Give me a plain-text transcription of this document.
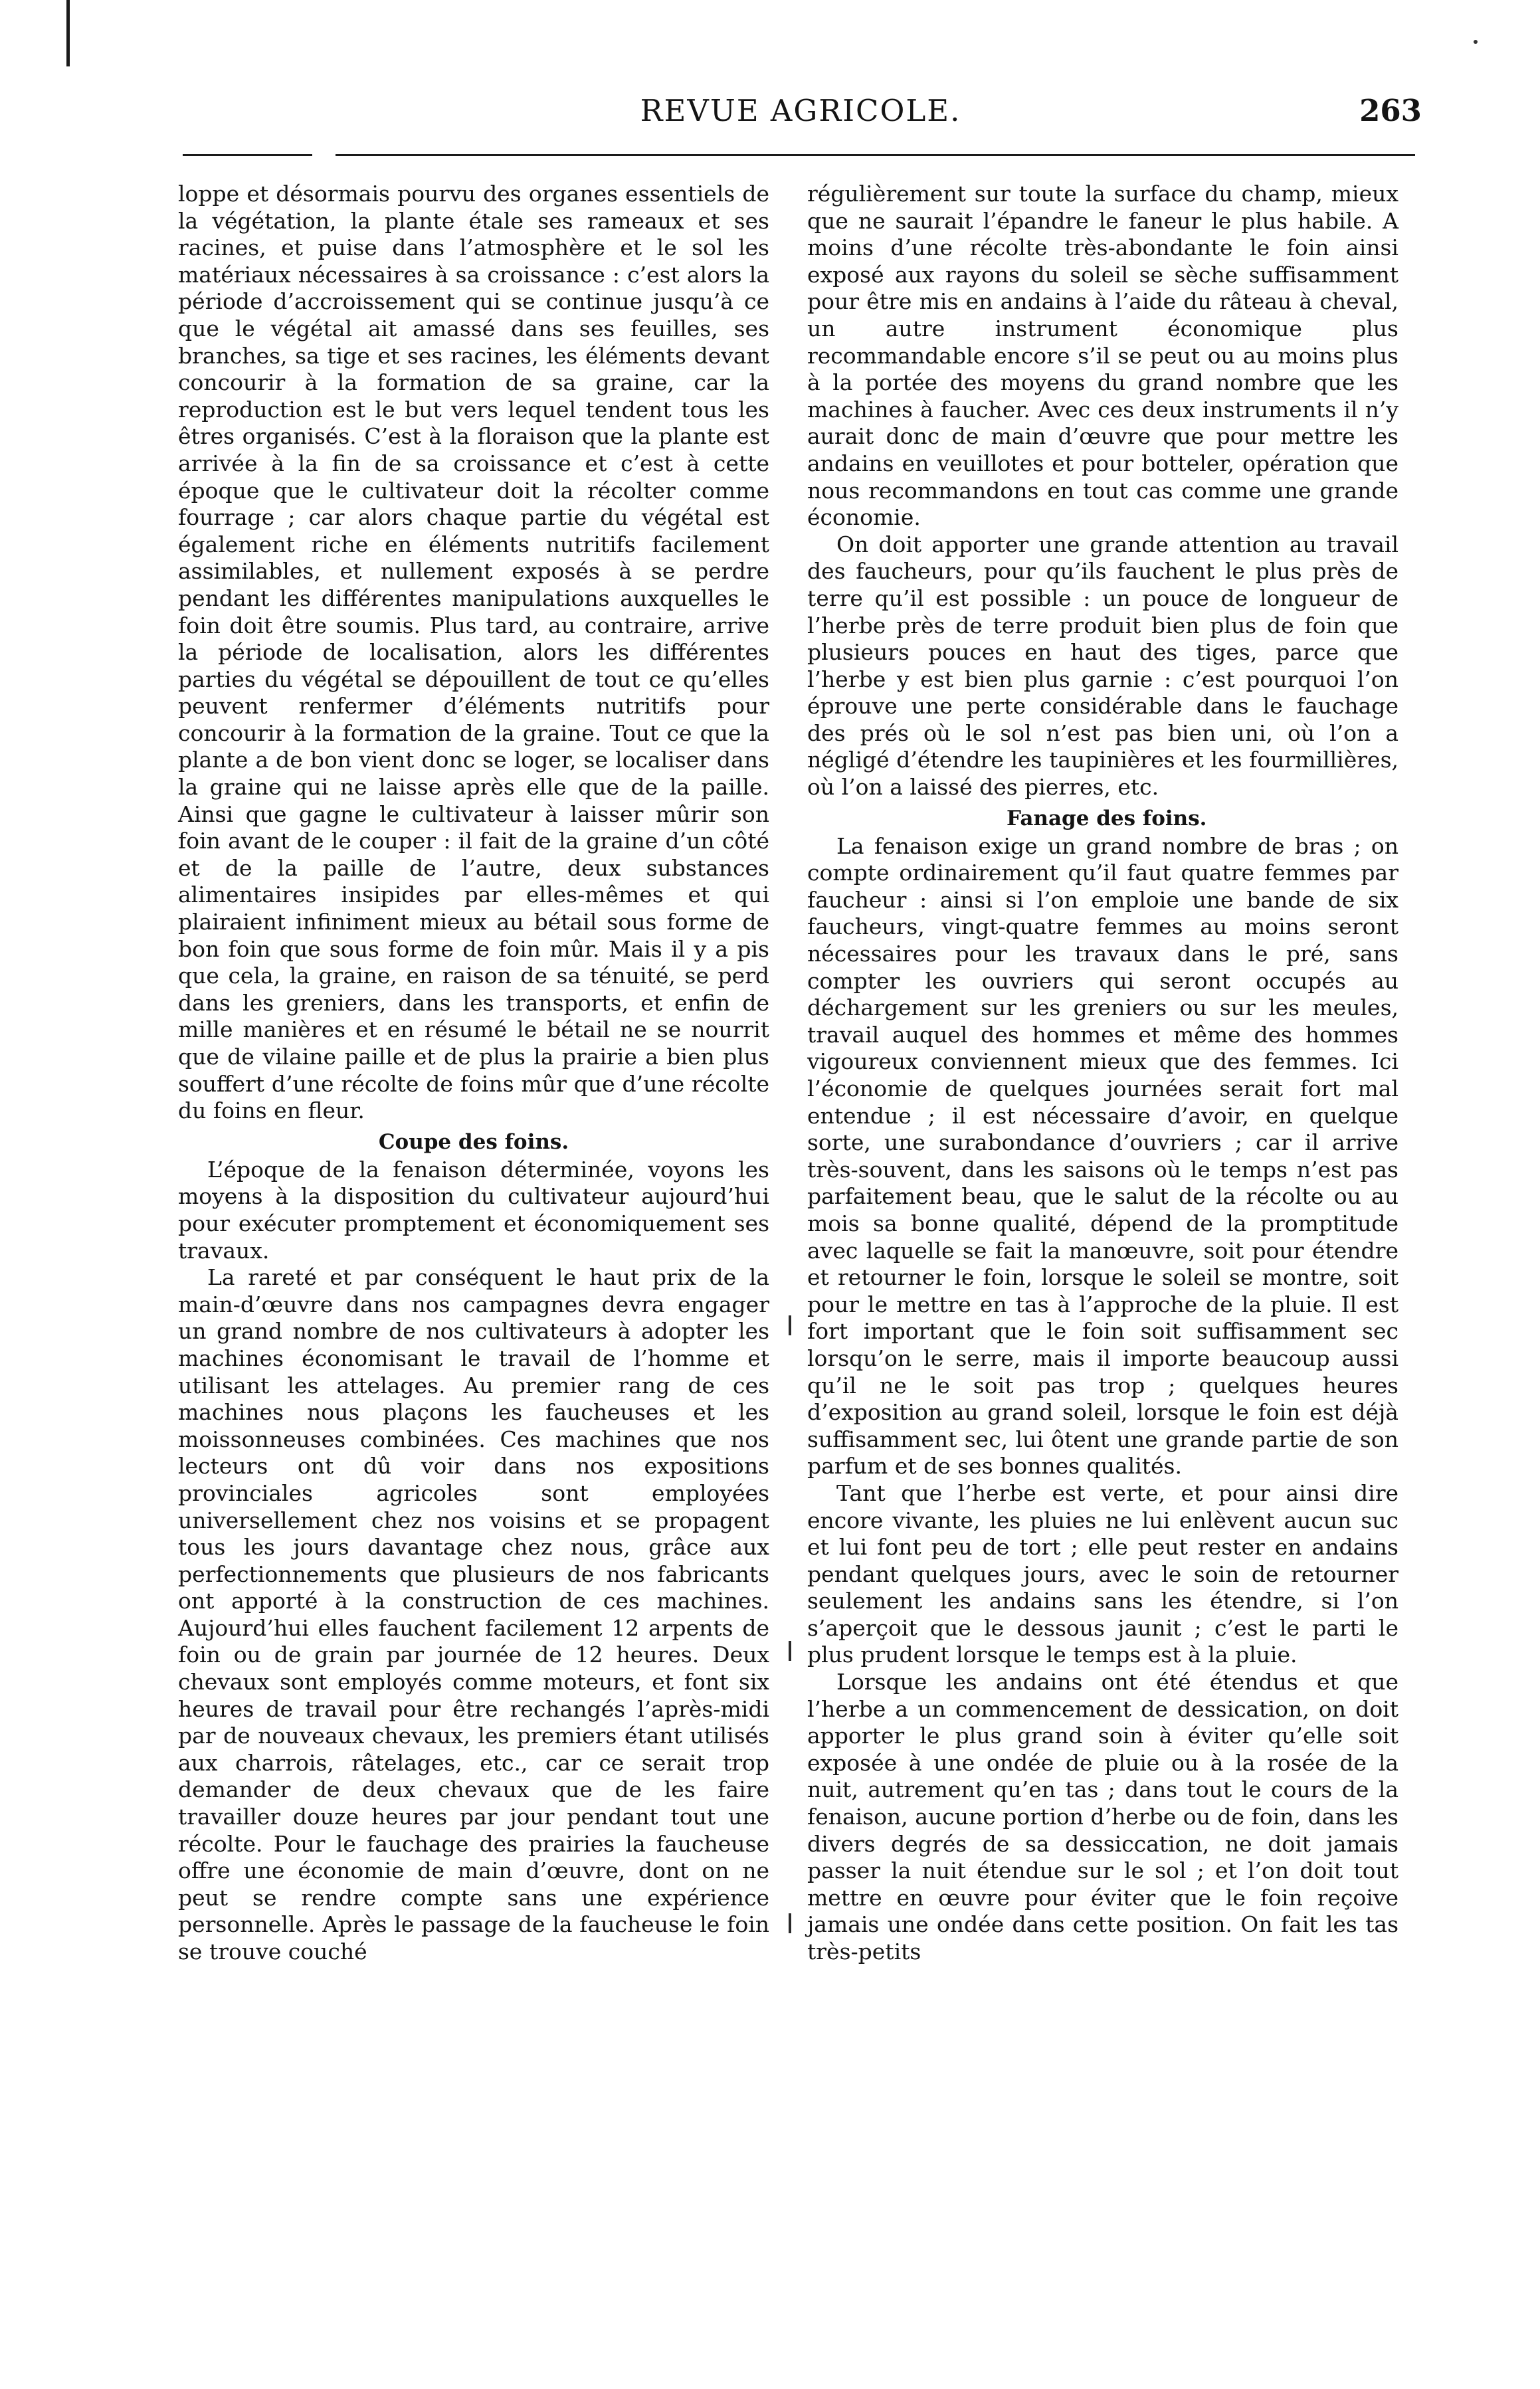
REVUE AGRICOLE.	263

loppe et désormais pourvu des organes essentiels de la végétation, la plante étale ses rameaux et ses racines, et puise dans l’atmosphère et le sol les matériaux nécessaires à sa croissance : c’est alors la période d’accroissement qui se continue jusqu’à ce que le végétal ait amassé dans ses feuilles, ses branches, sa tige et ses racines, les éléments devant concourir à la formation de sa graine, car la reproduction est le but vers lequel tendent tous les êtres organisés. C’est à la floraison que la plante est arrivée à la fin de sa croissance et c’est à cette époque que le cultivateur doit la récolter comme fourrage ; car alors chaque partie du végétal est également riche en éléments nutritifs facilement assimilables, et nullement exposés à se perdre pendant les différentes manipulations auxquelles le foin doit être soumis. Plus tard, au contraire, arrive la période de localisation, alors les différentes parties du végétal se dépouillent de tout ce qu’elles peuvent renfermer d’éléments nutritifs pour concourir à la formation de la graine. Tout ce que la plante a de bon vient donc se loger, se localiser dans la graine qui ne laisse après elle que de la paille. Ainsi que gagne le cultivateur à laisser mûrir son foin avant de le couper : il fait de la graine d’un côté et de la paille de l’autre, deux substances alimentaires insipides par elles-mêmes et qui plairaient infiniment mieux au bétail sous forme de bon foin que sous forme de foin mûr. Mais il y a pis que cela, la graine, en raison de sa ténuité, se perd dans les greniers, dans les transports, et enfin de mille manières et en résumé le bétail ne se nourrit que de vilaine paille et de plus la prairie a bien plus souffert d’une récolte de foins mûr que d’une récolte du foins en fleur.

Coupe des foins.

L’époque de la fenaison déterminée, voyons les moyens à la disposition du cultivateur aujourd’hui pour exécuter promptement et économiquement ses travaux.

La rareté et par conséquent le haut prix de la main-d’œuvre dans nos campagnes devra engager un grand nombre de nos cultivateurs à adopter les machines économisant le travail de l’homme et utilisant les attelages. Au premier rang de ces machines nous plaçons les faucheuses et les moissonneuses combinées. Ces machines que nos lecteurs ont dû voir dans nos expositions provinciales agricoles sont employées universellement chez nos voisins et se propagent tous les jours davantage chez nous, grâce aux perfectionnements que plusieurs de nos fabricants ont apporté à la construction de ces machines. Aujourd’hui elles fauchent facilement 12 arpents de foin ou de grain par journée de 12 heures. Deux chevaux sont employés comme moteurs, et font six heures de travail pour être rechangés l’après-midi par de nouveaux chevaux, les premiers étant utilisés aux charrois, râtelages, etc., car ce serait trop demander de deux chevaux que de les faire travailler douze heures par jour pendant tout une récolte. Pour le fauchage des prairies la faucheuse offre une économie de main d’œuvre, dont on ne peut se rendre compte sans une expérience personnelle. Après le passage de la faucheuse le foin se trouve couché

régulièrement sur toute la surface du champ, mieux que ne saurait l’épandre le faneur le plus habile. A moins d’une récolte très-abondante le foin ainsi exposé aux rayons du soleil se sèche suffisamment pour être mis en andains à l’aide du râteau à cheval, un autre instrument économique plus recommandable encore s’il se peut ou au moins plus à la portée des moyens du grand nombre que les machines à faucher. Avec ces deux instruments il n’y aurait donc de main d’œuvre que pour mettre les andains en veuillotes et pour botteler, opération que nous recommandons en tout cas comme une grande économie.

On doit apporter une grande attention au travail des faucheurs, pour qu’ils fauchent le plus près de terre qu’il est possible : un pouce de longueur de l’herbe près de terre produit bien plus de foin que plusieurs pouces en haut des tiges, parce que l’herbe y est bien plus garnie : c’est pourquoi l’on éprouve une perte considérable dans le fauchage des prés où le sol n’est pas bien uni, où l’on a négligé d’étendre les taupinières et les fourmillières, où l’on a laissé des pierres, etc.

Fanage des foins.

La fenaison exige un grand nombre de bras ; on compte ordinairement qu’il faut quatre femmes par faucheur : ainsi si l’on emploie une bande de six faucheurs, vingt-quatre femmes au moins seront nécessaires pour les travaux dans le pré, sans compter les ouvriers qui seront occupés au déchargement sur les greniers ou sur les meules, travail auquel des hommes et même des hommes vigoureux conviennent mieux que des femmes. Ici l’économie de quelques journées serait fort mal entendue ; il est nécessaire d’avoir, en quelque sorte, une surabondance d’ouvriers ; car il arrive très-souvent, dans les saisons où le temps n’est pas parfaitement beau, que le salut de la récolte ou au mois sa bonne qualité, dépend de la promptitude avec laquelle se fait la manœuvre, soit pour étendre et retourner le foin, lorsque le soleil se montre, soit pour le mettre en tas à l’approche de la pluie. Il est fort important que le foin soit suffisamment sec lorsqu’on le serre, mais il importe beaucoup aussi qu’il ne le soit pas trop ; quelques heures d’exposition au grand soleil, lorsque le foin est déjà suffisamment sec, lui ôtent une grande partie de son parfum et de ses bonnes qualités.

Tant que l’herbe est verte, et pour ainsi dire encore vivante, les pluies ne lui enlèvent aucun suc et lui font peu de tort ; elle peut rester en andains pendant quelques jours, avec le soin de retourner seulement les andains sans les étendre, si l’on s’aperçoit que le dessous jaunit ; c’est le parti le plus prudent lorsque le temps est à la pluie.

Lorsque les andains ont été étendus et que l’herbe a un commencement de dessication, on doit apporter le plus grand soin à éviter qu’elle soit exposée à une ondée de pluie ou à la rosée de la nuit, autrement qu’en tas ; dans tout le cours de la fenaison, aucune portion d’herbe ou de foin, dans les divers degrés de sa dessiccation, ne doit jamais passer la nuit étendue sur le sol ; et l’on doit tout mettre en œuvre pour éviter que le foin reçoive jamais une ondée dans cette position. On fait les tas très-petits
